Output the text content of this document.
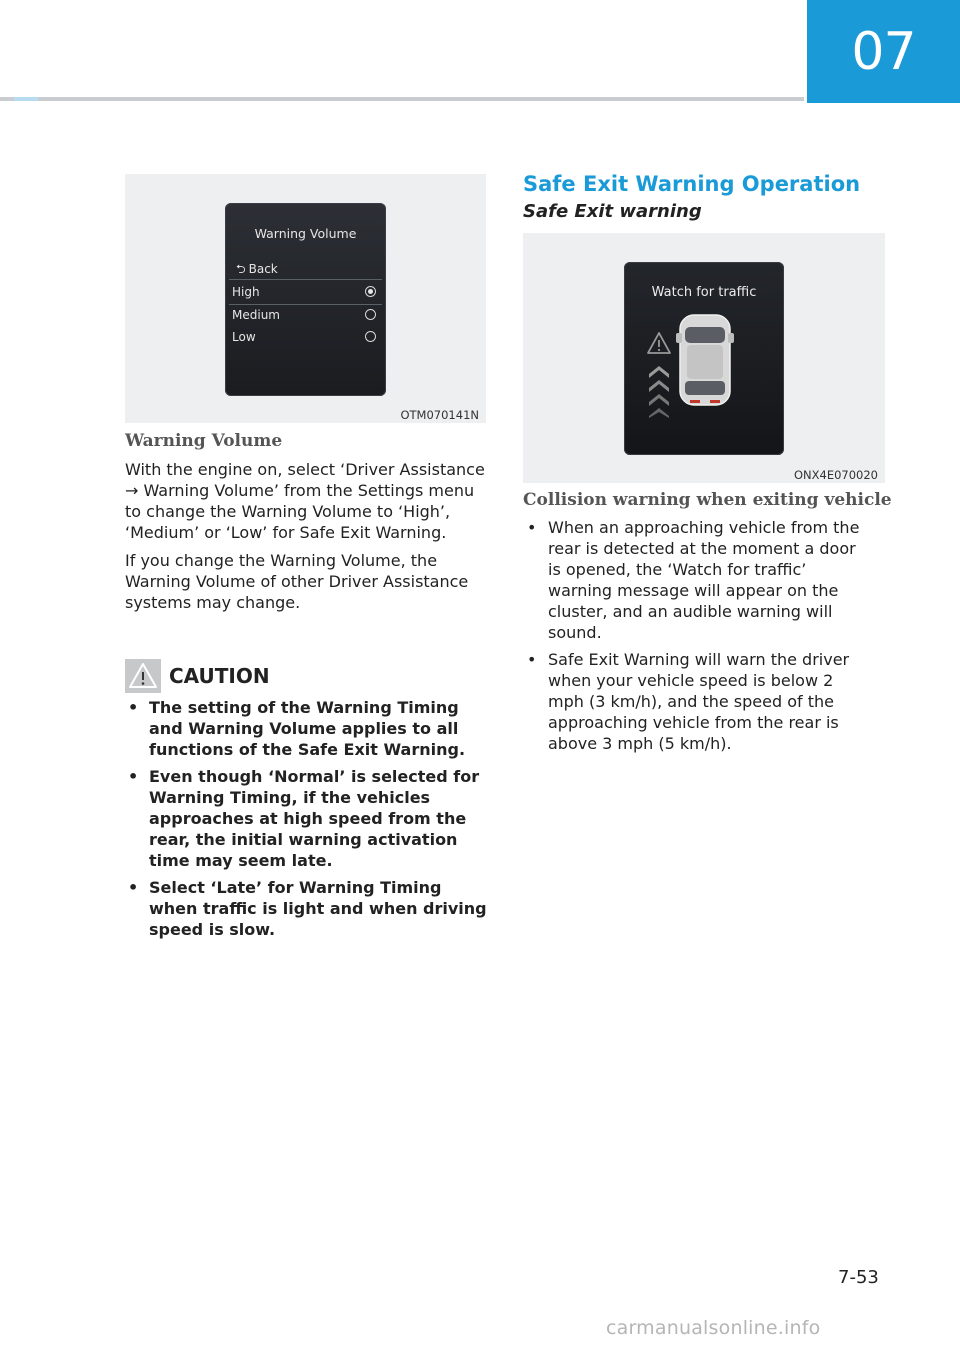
07
Warning Volume
⮌ Back
High
Medium
Low
OTM070141N
Warning Volume

With the engine on, select ‘Driver Assistance → Warning Volume’ from the Settings menu to change the Warning Volume to ‘High’, ‘Medium’ or ‘Low’ for Safe Exit Warning.

If you change the Warning Volume, the Warning Volume of other Driver Assistance systems may change.

CAUTION
• The setting of the Warning Timing and Warning Volume applies to all functions of the Safe Exit Warning.
• Even though ‘Normal’ is selected for Warning Timing, if the vehicles approaches at high speed from the rear, the initial warning activation time may seem late.
• Select ‘Late’ for Warning Timing when traffic is light and when driving speed is slow.
Safe Exit Warning Operation
Safe Exit warning
Watch for traffic
ONX4E070020
Collision warning when exiting vehicle
• When an approaching vehicle from the rear is detected at the moment a door is opened, the ‘Watch for traffic’ warning message will appear on the cluster, and an audible warning will sound.
• Safe Exit Warning will warn the driver when your vehicle speed is below 2 mph (3 km/h), and the speed of the approaching vehicle from the rear is above 3 mph (5 km/h).
7-53
carmanualsonline.info
